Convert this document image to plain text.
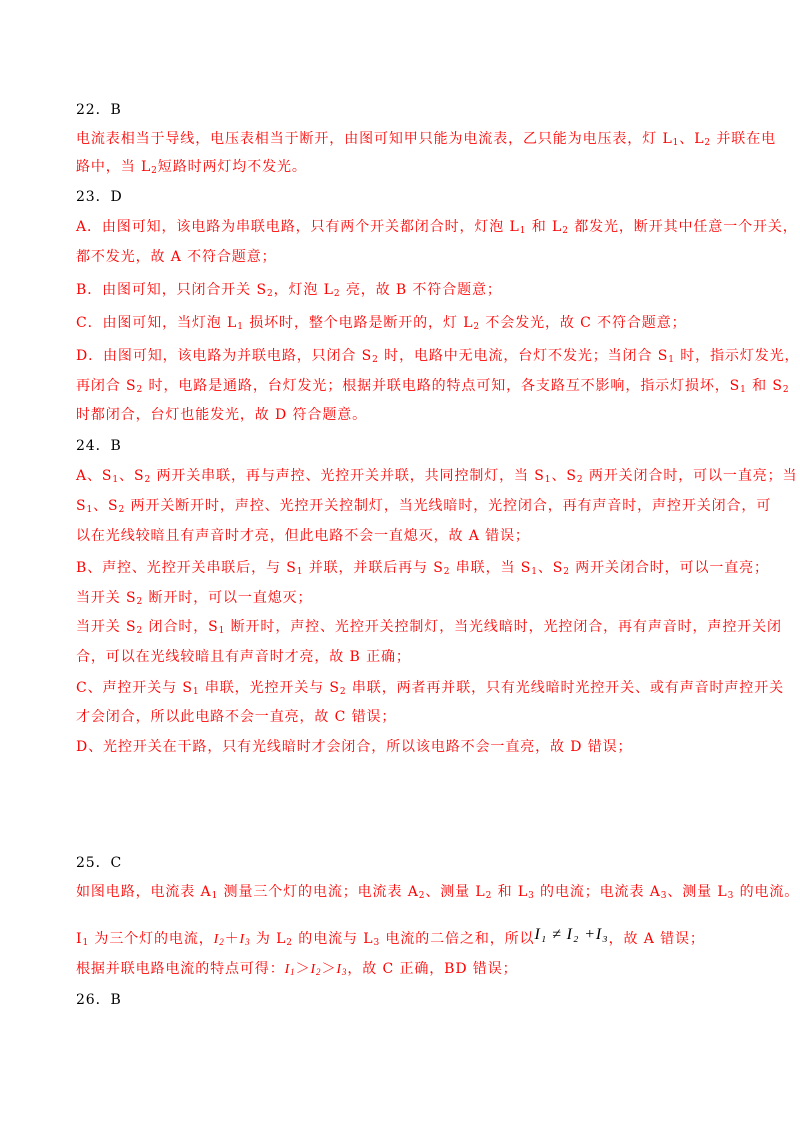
22．B
电流表相当于导线，电压表相当于断开，由图可知甲只能为电流表，乙只能为电压表，灯 $L_1$、$L_2$ 并联在电
路中，当 $L_2$短路时两灯均不发光。
23．D
A．由图可知，该电路为串联电路，只有两个开关都闭合时，灯泡 $L_1$ 和 $L_2$ 都发光，断开其中任意一个开关，
都不发光，故 A 不符合题意；
B．由图可知，只闭合开关 $S_2$，灯泡 $L_2$ 亮，故 B 不符合题意；
C．由图可知，当灯泡 $L_1$ 损坏时，整个电路是断开的，灯 $L_2$ 不会发光，故 C 不符合题意；
D．由图可知，该电路为并联电路，只闭合 $S_2$ 时，电路中无电流，台灯不发光；当闭合 $S_1$ 时，指示灯发光，
再闭合 $S_2$ 时，电路是通路，台灯发光；根据并联电路的特点可知，各支路互不影响，指示灯损坏，$S_1$ 和 $S_2$
时都闭合，台灯也能发光，故 D 符合题意。
24．B
A、$S_1$、$S_2$ 两开关串联，再与声控、光控开关并联，共同控制灯，当 $S_1$、$S_2$ 两开关闭合时，可以一直亮；当
$S_1$、$S_2$ 两开关断开时，声控、光控开关控制灯，当光线暗时，光控闭合，再有声音时，声控开关闭合，可
以在光线较暗且有声音时才亮，但此电路不会一直熄灭，故 A 错误；
B、声控、光控开关串联后，与 $S_1$ 并联，并联后再与 $S_2$ 串联，当 $S_1$、$S_2$ 两开关闭合时，可以一直亮；
当开关 $S_2$ 断开时，可以一直熄灭；
当开关 $S_2$ 闭合时，$S_1$ 断开时，声控、光控开关控制灯，当光线暗时，光控闭合，再有声音时，声控开关闭
合，可以在光线较暗且有声音时才亮，故 B 正确；
C、声控开关与 $S_1$ 串联，光控开关与 $S_2$ 串联，两者再并联，只有光线暗时光控开关、或有声音时声控开关
才会闭合，所以此电路不会一直亮，故 C 错误；
D、光控开关在干路，只有光线暗时才会闭合，所以该电路不会一直亮，故 D 错误；
25．C
如图电路，电流表 $A_1$ 测量三个灯的电流；电流表 $A_2$、测量 $L_2$ 和 $L_3$ 的电流；电流表 $A_3$、测量 $L_3$ 的电流。
$I_1$ 为三个灯的电流，$I_2+I_3$ 为 $L_2$ 的电流与 $L_3$ 电流的二倍之和，所以I₁ ≠ I₂ +I₃，故 A 错误；
根据并联电路电流的特点可得：$I_1>I_2>I_3$，故 C 正确，BD 错误；
26．B
